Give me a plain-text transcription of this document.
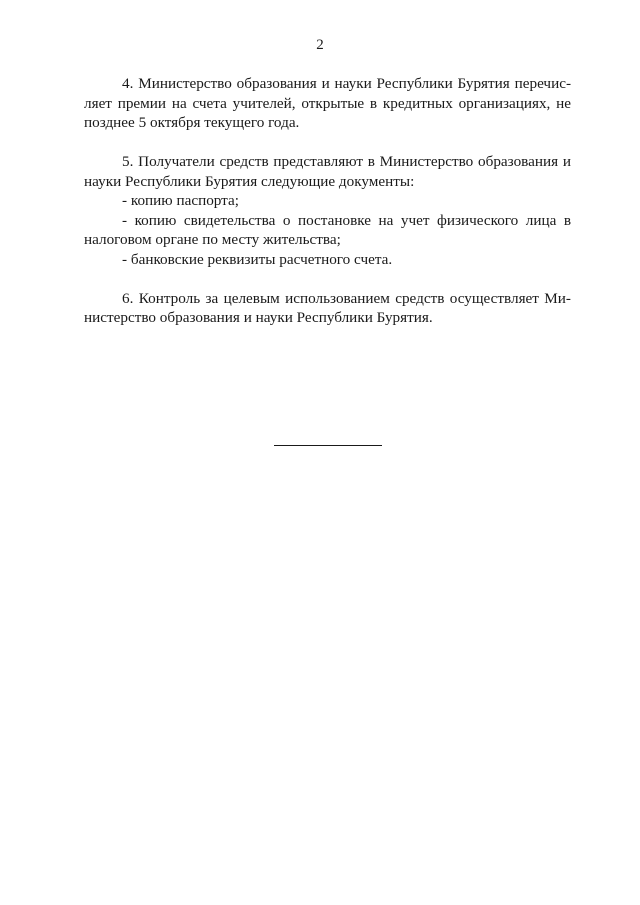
2

4. Министерство образования и науки Республики Бурятия перечис-
ляет премии на счета учителей, открытые в кредитных организациях, не
позднее 5 октября текущего года.

5. Получатели средств представляют в Министерство образования и
науки Республики Бурятия следующие документы:
- копию паспорта;
- копию свидетельства о постановке на учет физического лица в
налоговом органе по месту жительства;
- банковские реквизиты расчетного счета.

6. Контроль за целевым использованием средств осуществляет Ми-
нистерство образования и науки Республики Бурятия.
